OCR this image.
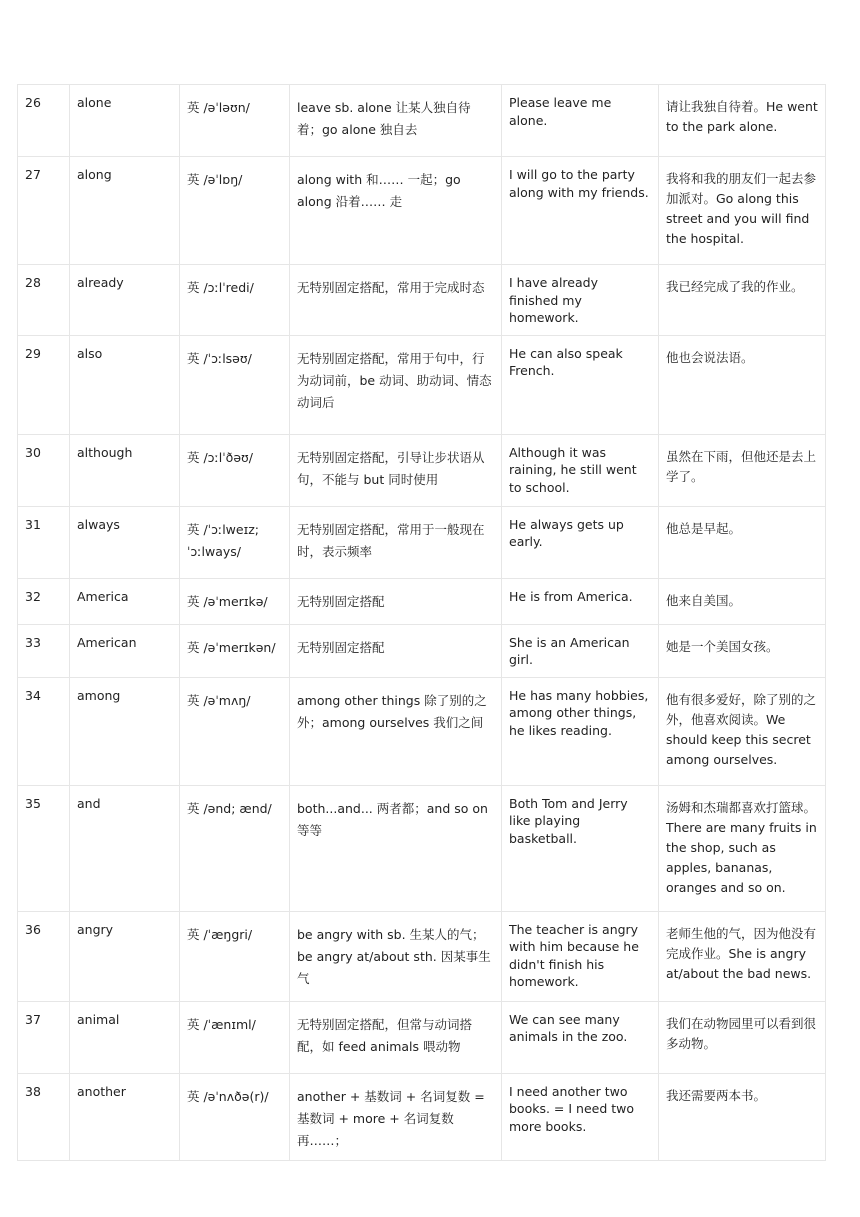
26	alone	英 /əˈləʊn/	leave sb. alone 让某人独自待着；go alone 独自去	Please leave me alone.	请让我独自待着。He went to the park alone.
27	along	英 /əˈlɒŋ/	along with 和…… 一起；go along 沿着…… 走	I will go to the party along with my friends.	我将和我的朋友们一起去参加派对。Go along this street and you will find the hospital.
28	already	英 /ɔːlˈredi/	无特别固定搭配，常用于完成时态	I have already finished my homework.	我已经完成了我的作业。
29	also	英 /ˈɔːlsəʊ/	无特别固定搭配，常用于句中，行为动词前，be 动词、助动词、情态动词后	He can also speak French.	他也会说法语。
30	although	英 /ɔːlˈðəʊ/	无特别固定搭配，引导让步状语从句，不能与 but 同时使用	Although it was raining, he still went to school.	虽然在下雨，但他还是去上学了。
31	always	英 /ˈɔːlweɪz; ˈɔːlways/	无特别固定搭配，常用于一般现在时，表示频率	He always gets up early.	他总是早起。
32	America	英 /əˈmerɪkə/	无特别固定搭配	He is from America.	他来自美国。
33	American	英 /əˈmerɪkən/	无特别固定搭配	She is an American girl.	她是一个美国女孩。
34	among	英 /əˈmʌŋ/	among other things 除了别的之外；among ourselves 我们之间	He has many hobbies, among other things, he likes reading.	他有很多爱好，除了别的之外，他喜欢阅读。We should keep this secret among ourselves.
35	and	英 /ənd; ænd/	both...and... 两者都；and so on 等等	Both Tom and Jerry like playing basketball.	汤姆和杰瑞都喜欢打篮球。There are many fruits in the shop, such as apples, bananas, oranges and so on.
36	angry	英 /ˈæŋgri/	be angry with sb. 生某人的气；be angry at/about sth. 因某事生气	The teacher is angry with him because he didn't finish his homework.	老师生他的气，因为他没有完成作业。She is angry at/about the bad news.
37	animal	英 /ˈænɪml/	无特别固定搭配，但常与动词搭配，如 feed animals 喂动物	We can see many animals in the zoo.	我们在动物园里可以看到很多动物。
38	another	英 /əˈnʌðə(r)/	another + 基数词 + 名词复数 = 基数词 + more + 名词复数 再……；	I need another two books. = I need two more books.	我还需要两本书。
